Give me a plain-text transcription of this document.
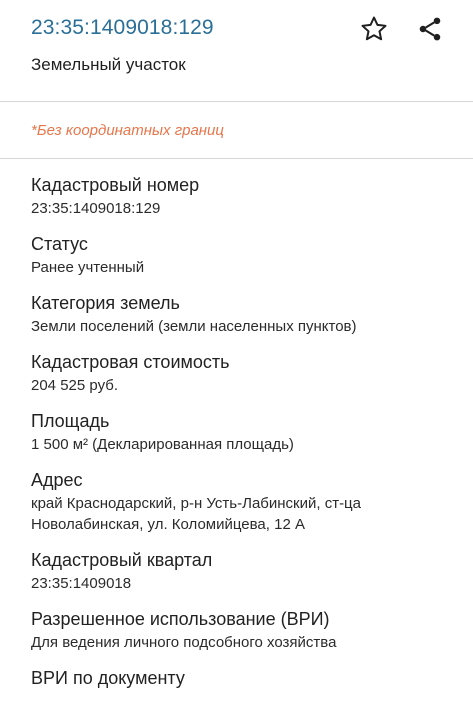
23:35:1409018:129
Земельный участок
*Без координатных границ
Кадастровый номер
23:35:1409018:129
Статус
Ранее учтенный
Категория земель
Земли поселений (земли населенных пунктов)
Кадастровая стоимость
204 525 руб.
Площадь
1 500 м² (Декларированная площадь)
Адрес
край Краснодарский, р-н Усть-Лабинский, ст-ца Новолабинская, ул. Коломийцева, 12 А
Кадастровый квартал
23:35:1409018
Разрешенное использование (ВРИ)
Для ведения личного подсобного хозяйства
ВРИ по документу
